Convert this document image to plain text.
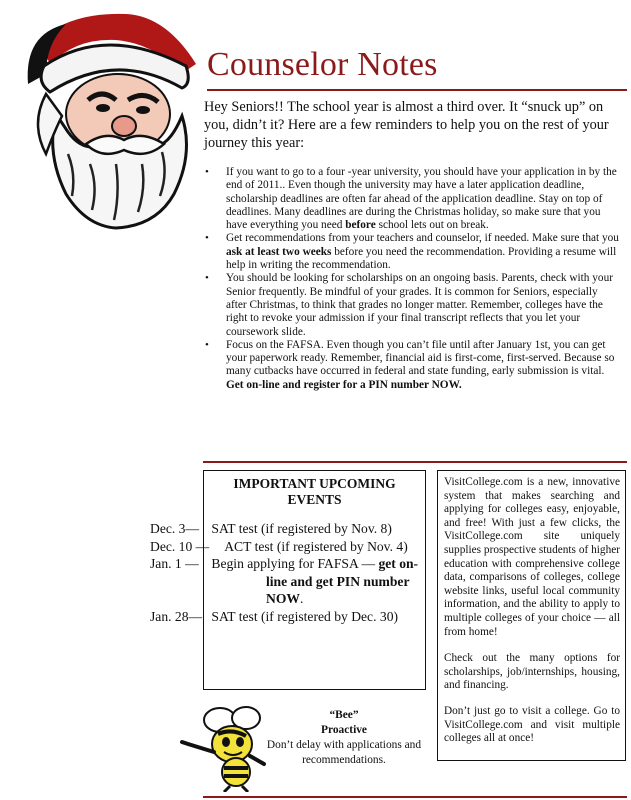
Counselor Notes
Hey Seniors!! The school year is almost a third over. It “snuck up” on you, didn’t it? Here are a few reminders to help you on the rest of your journey this year:
• If you want to go to a four -year university, you should have your application in by the end of 2011.. Even though the university may have a later application deadline, scholarship deadlines are often far ahead of the application deadline. Stay on top of deadlines. Many deadlines are during the Christmas holiday, so make sure that you have everything you need before school lets out on break.
• Get recommendations from your teachers and counselor, if needed. Make sure that you ask at least two weeks before you need the recommendation. Providing a resume will help in writing the recommendation.
• You should be looking for scholarships on an ongoing basis. Parents, check with your Senior frequently. Be mindful of your grades. It is common for Seniors, especially after Christmas, to think that grades no longer matter. Remember, colleges have the right to revoke your admission if your final transcript reflects that you let your coursework slide.
• Focus on the FAFSA. Even though you can’t file until after January 1st, you can get your paperwork ready. Remember, financial aid is first-come, first-served. Because so many cutbacks have occurred in federal and state funding, early submission is vital. Get on-line and register for a PIN number NOW.
IMPORTANT UPCOMING EVENTS
Dec. 3— SAT test (if registered by Nov. 8)
Dec. 10 — ACT test (if registered by Nov. 4)
Jan. 1 — Begin applying for FAFSA — get on-line and get PIN number NOW.
Jan. 28— SAT test (if registered by Dec. 30)

VisitCollege.com is a new, innovative system that makes searching and applying for colleges easy, enjoyable, and free! With just a few clicks, the VisitCollege.com site uniquely supplies prospective students of higher education with comprehensive college data, comparisons of colleges, college website links, useful local community information, and the ability to apply to multiple colleges of your choice — all from home!

Check out the many options for scholarships, job/internships, housing, and financing.

Don’t just go to visit a college. Go to VisitCollege.com and visit multiple colleges all at once!

“Bee”
Proactive
Don’t delay with applications and recommendations.
